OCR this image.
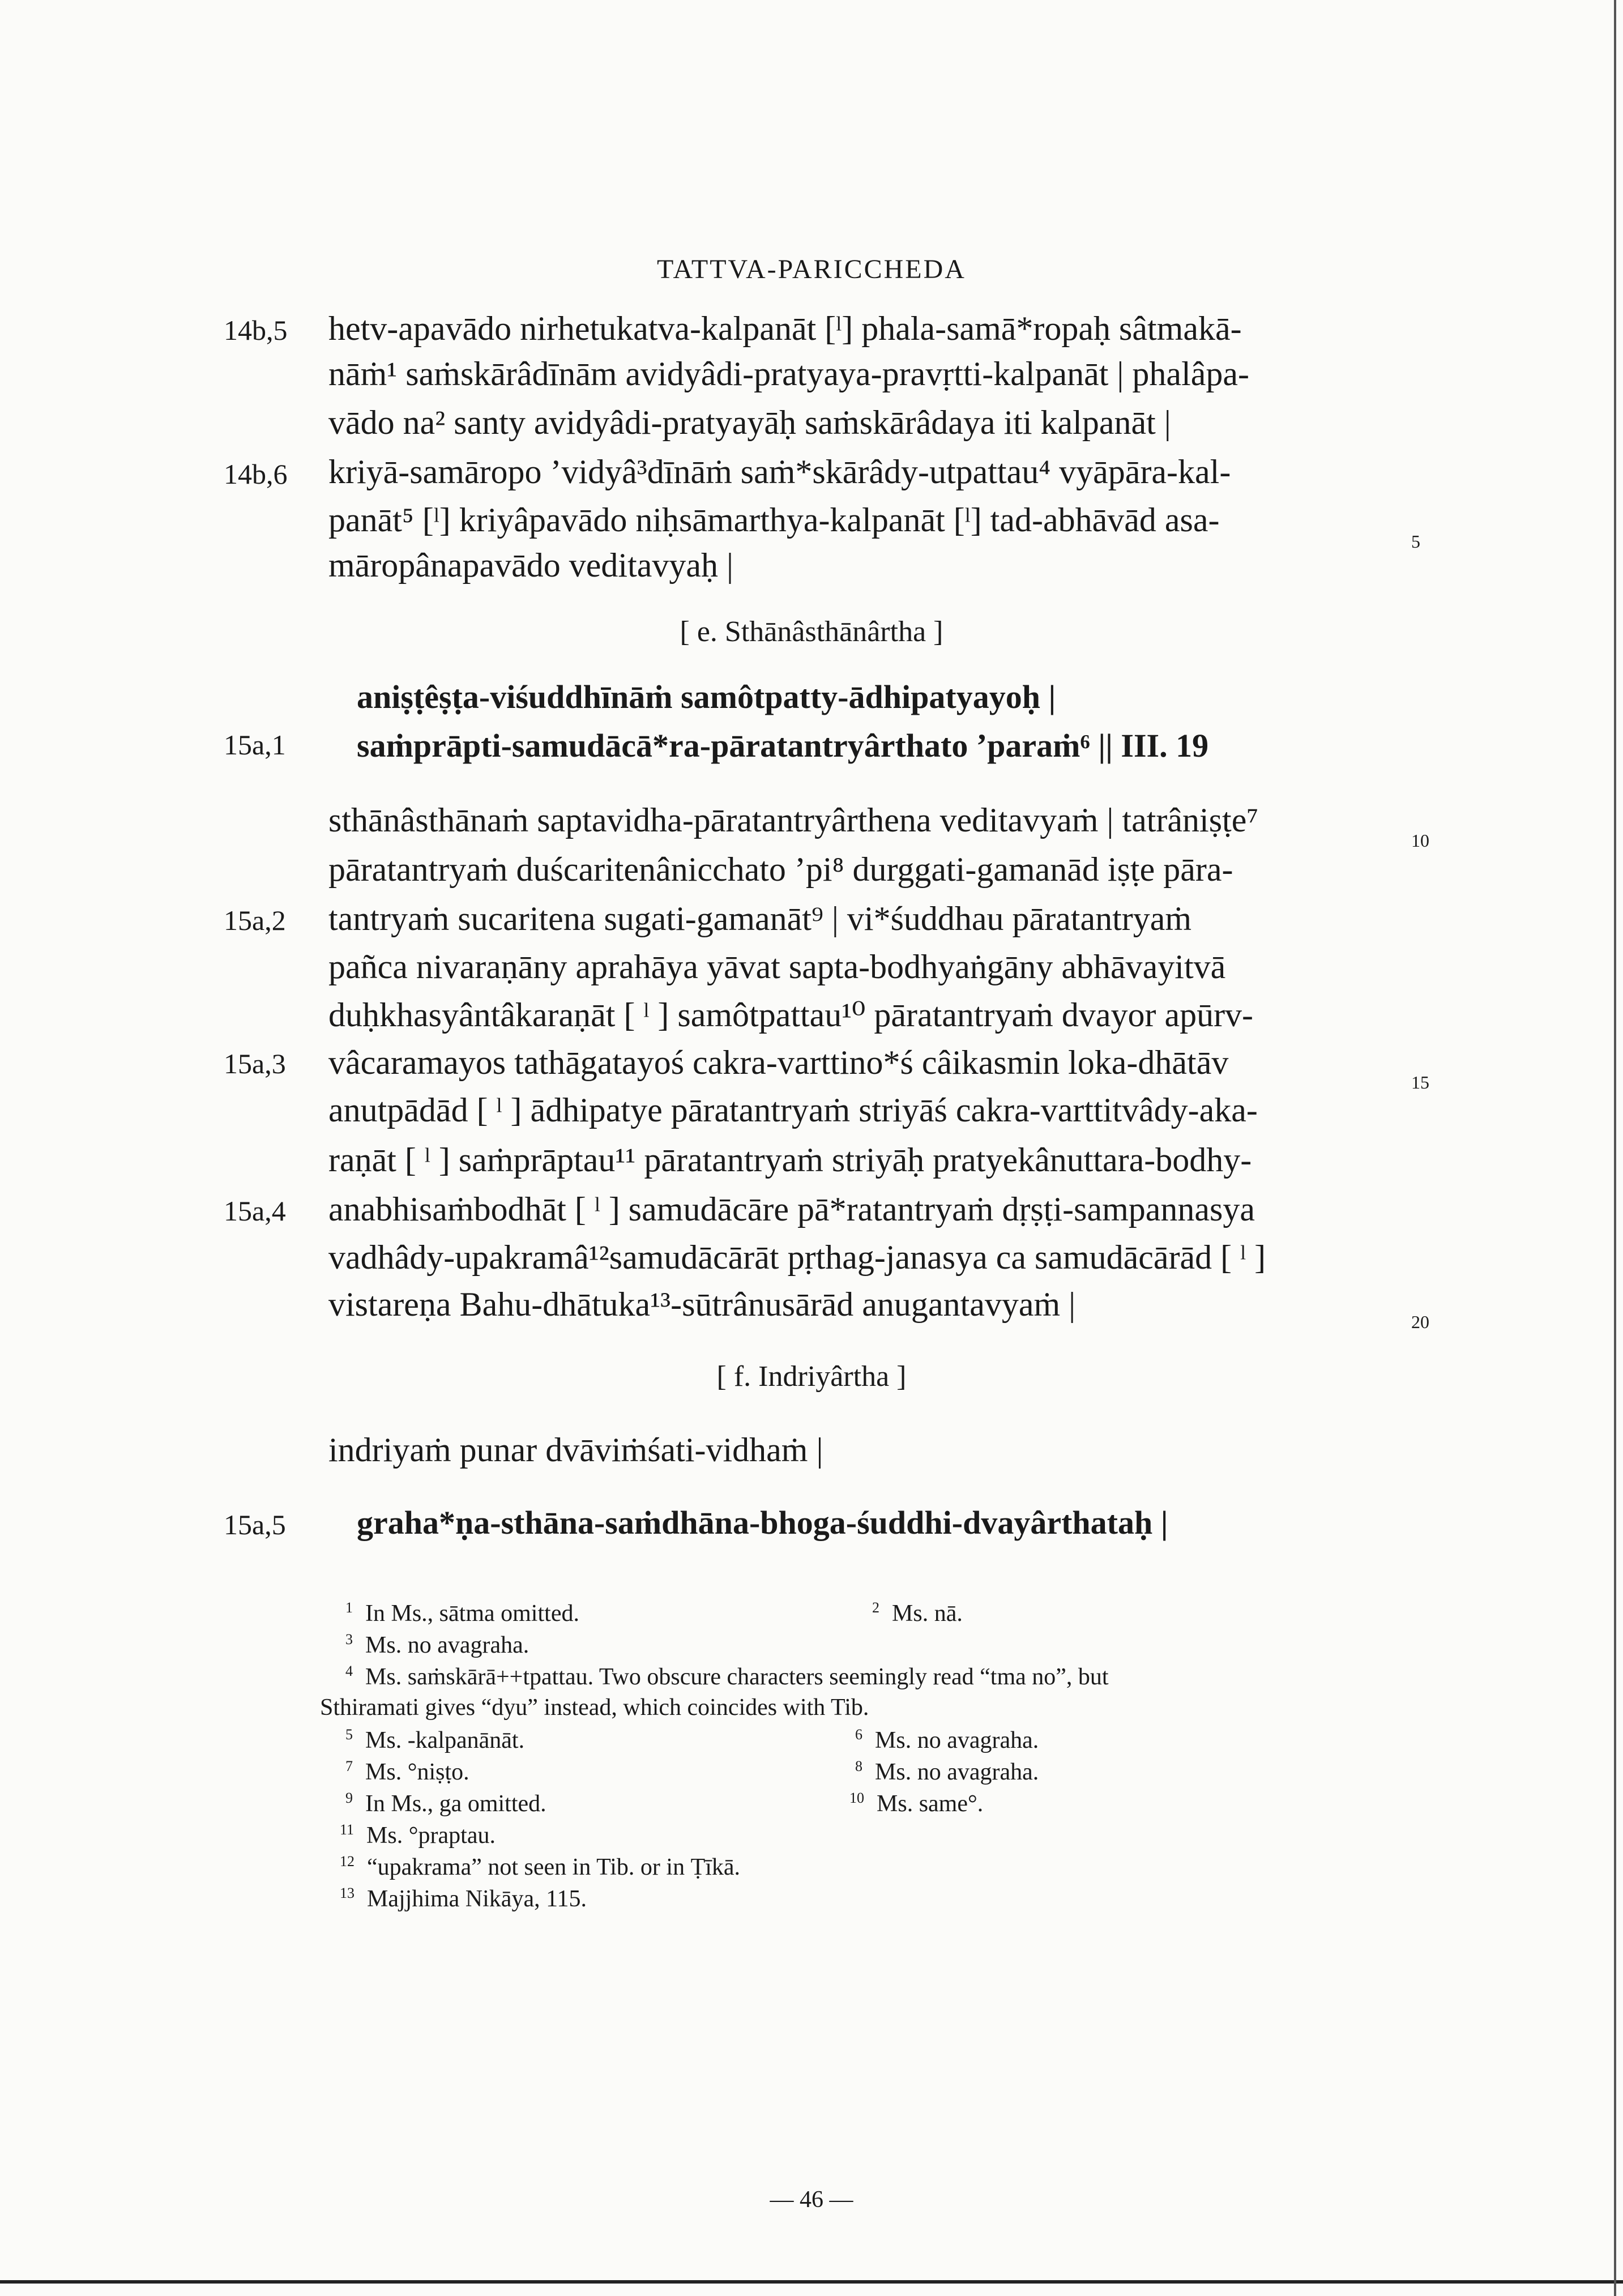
TATTVA-PARICCHEDA
14b,5
14b,6
15a,1
15a,2
15a,3
15a,4
15a,5
5
10
15
20
hetv-apavādo nirhetukatva-kalpanāt [ˡ] phala-samā*ropaḥ sâtmakā-
nāṁ¹ saṁskārâdīnām avidyâdi-pratyaya-pravṛtti-kalpanāt | phalâpa-
vādo na² santy avidyâdi-pratyayāḥ saṁskārâdaya iti kalpanāt |
kriyā-samāropo ’vidyâ³dīnāṁ saṁ*skārâdy-utpattau⁴ vyāpāra-kal-
panāt⁵ [ˡ] kriyâpavādo niḥsāmarthya-kalpanāt [ˡ] tad-abhāvād asa-
māropânapavādo veditavyaḥ |
[ e. Sthānâsthānârtha ]
aniṣṭêṣṭa-viśuddhīnāṁ samôtpatty-ādhipatyayoḥ |
saṁprāpti-samudācā*ra-pāratantryârthato ’paraṁ⁶ || III. 19
sthānâsthānaṁ saptavidha-pāratantryârthena veditavyaṁ | tatrâniṣṭe⁷
pāratantryaṁ duścaritenânicchato ’pi⁸ durggati-gamanād iṣṭe pāra-
tantryaṁ sucaritena sugati-gamanāt⁹ | vi*śuddhau pāratantryaṁ
pañca nivaraṇāny aprahāya yāvat sapta-bodhyaṅgāny abhāvayitvā
duḥkhasyântâkaraṇāt [ ˡ ] samôtpattau¹⁰ pāratantryaṁ dvayor apūrv-
vâcaramayos tathāgatayoś cakra-varttino*ś câikasmin loka-dhātāv
anutpādād [ ˡ ] ādhipatye pāratantryaṁ striyāś cakra-varttitvâdy-aka-
raṇāt [ ˡ ] saṁprāptau¹¹ pāratantryaṁ striyāḥ pratyekânuttara-bodhy-
anabhisaṁbodhāt [ ˡ ] samudācāre pā*ratantryaṁ dṛṣṭi-sampannasya
vadhâdy-upakramâ¹²samudācārāt pṛthag-janasya ca samudācārād [ ˡ ]
vistareṇa Bahu-dhātuka¹³-sūtrânusārād anugantavyaṁ |
[ f. Indriyârtha ]
indriyaṁ punar dvāviṁśati-vidhaṁ |
graha*ṇa-sthāna-saṁdhāna-bhoga-śuddhi-dvayârthataḥ |
$^1$ In Ms., sātma omitted.	$^2$ Ms. nā.
$^3$ Ms. no avagraha.
$^4$ Ms. saṁskārā++tpattau. Two obscure characters seemingly read “tma no”, but
Sthiramati gives “dyu” instead, which coincides with Tib.
$^5$ Ms. -kalpanānāt.	$^6$ Ms. no avagraha.
$^7$ Ms. °niṣṭo.	$^8$ Ms. no avagraha.
$^9$ In Ms., ga omitted.	$^{10}$ Ms. same°.
$^{11}$ Ms. °praptau.
$^{12}$ “upakrama” not seen in Tib. or in Ṭīkā.
$^{13}$ Majjhima Nikāya, 115.
— 46 —
